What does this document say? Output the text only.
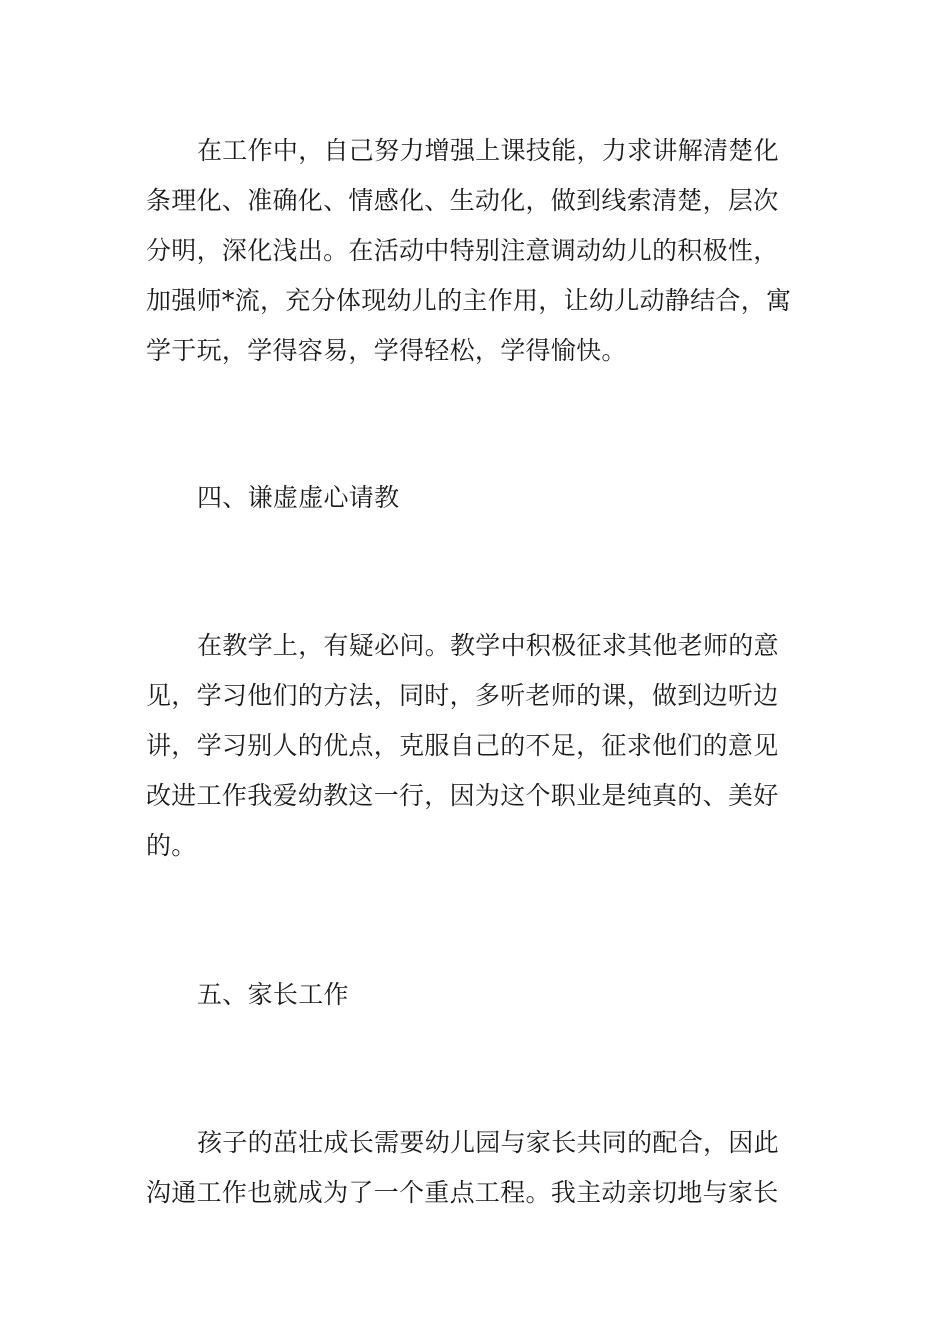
在工作中，自己努力增强上课技能，力求讲解清楚化
条理化、准确化、情感化、生动化，做到线索清楚，层次
分明，深化浅出。在活动中特别注意调动幼儿的积极性，
加强师*流，充分体现幼儿的主作用，让幼儿动静结合，寓
学于玩，学得容易，学得轻松，学得愉快。
四、谦虚虚心请教
在教学上，有疑必问。教学中积极征求其他老师的意
见，学习他们的方法，同时，多听老师的课，做到边听边
讲，学习别人的优点，克服自己的不足，征求他们的意见
改进工作我爱幼教这一行，因为这个职业是纯真的、美好
的。
五、家长工作
孩子的茁壮成长需要幼儿园与家长共同的配合，因此
沟通工作也就成为了一个重点工程。我主动亲切地与家长
